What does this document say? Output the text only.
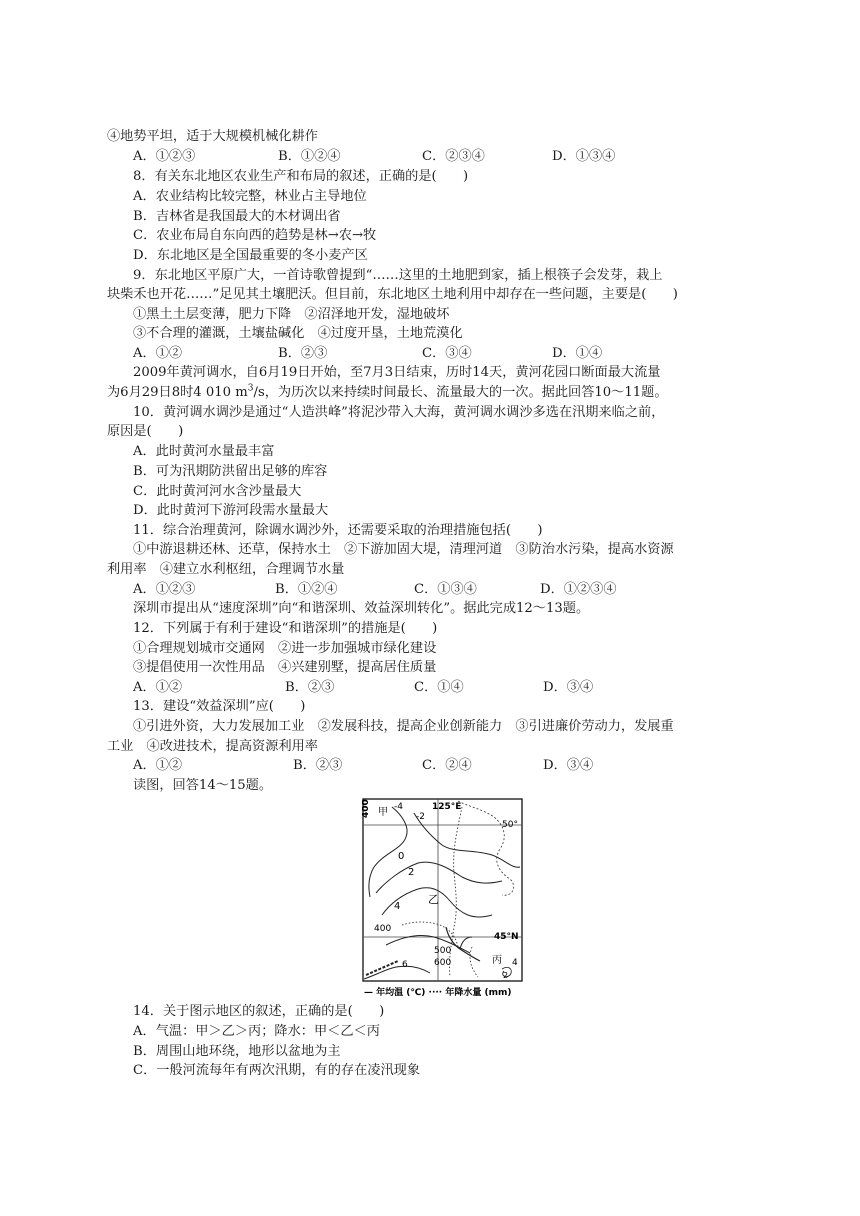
④地势平坦，适于大规模机械化耕作
A．①②③	B．①②④	C．②③④	D．①③④
8．有关东北地区农业生产和布局的叙述，正确的是(　　)
A．农业结构比较完整，林业占主导地位
B．吉林省是我国最大的木材调出省
C．农业布局自东向西的趋势是林→农→牧
D．东北地区是全国最重要的冬小麦产区
9．东北地区平原广大，一首诗歌曾提到“……这里的土地肥到家，插上根筷子会发芽，栽上
块柴禾也开花……”足见其土壤肥沃。但目前，东北地区土地利用中却存在一些问题，主要是(　　)
①黑土土层变薄，肥力下降　②沼泽地开发，湿地破坏
③不合理的灌溉，土壤盐碱化　④过度开垦，土地荒漠化
A．①②	B．②③	C．③④	D．①④
2009年黄河调水，自6月19日开始，至7月3日结束，历时14天，黄河花园口断面最大流量
为6月29日8时4 010 $m^3/s$，为历次以来持续时间最长、流量最大的一次。据此回答10～11题。
10．黄河调水调沙是通过“人造洪峰”将泥沙带入大海，黄河调水调沙多选在汛期来临之前，
原因是(　　)
A．此时黄河水量最丰富
B．可为汛期防洪留出足够的库容
C．此时黄河河水含沙量最大
D．此时黄河下游河段需水量最大
11．综合治理黄河，除调水调沙外，还需要采取的治理措施包括(　　)
①中游退耕还林、还草，保持水土　②下游加固大堤，清理河道　③防治水污染，提高水资源
利用率　④建立水利枢纽，合理调节水量
A．①②③	B．①②④	C．①③④	D．①②③④
深圳市提出从“速度深圳”向“和谐深圳、效益深圳转化”。据此完成12～13题。
12．下列属于有利于建设“和谐深圳”的措施是(　　)
①合理规划城市交通网　②进一步加强城市绿化建设
③提倡使用一次性用品　④兴建别墅，提高居住质量
A．①②	B．②③	C．①④	D．③④
13．建设“效益深圳”应(　　)
①引进外资，大力发展加工业　②发展科技，提高企业创新能力　③引进廉价劳动力，发展重
工业　④改进技术，提高资源利用率
A．①②	B．②③	C．②④	D．③④
读图，回答14～15题。
400 甲 -4
-2
125°E
50°
0
2
乙
4
400
45°N
500
600
6	丙 4
2
— 年均温 (℃) ···· 年降水量 (mm)
14．关于图示地区的叙述，正确的是(　　)
A．气温：甲＞乙＞丙；降水：甲＜乙＜丙
B．周围山地环绕，地形以盆地为主
C．一般河流每年有两次汛期，有的存在凌汛现象
